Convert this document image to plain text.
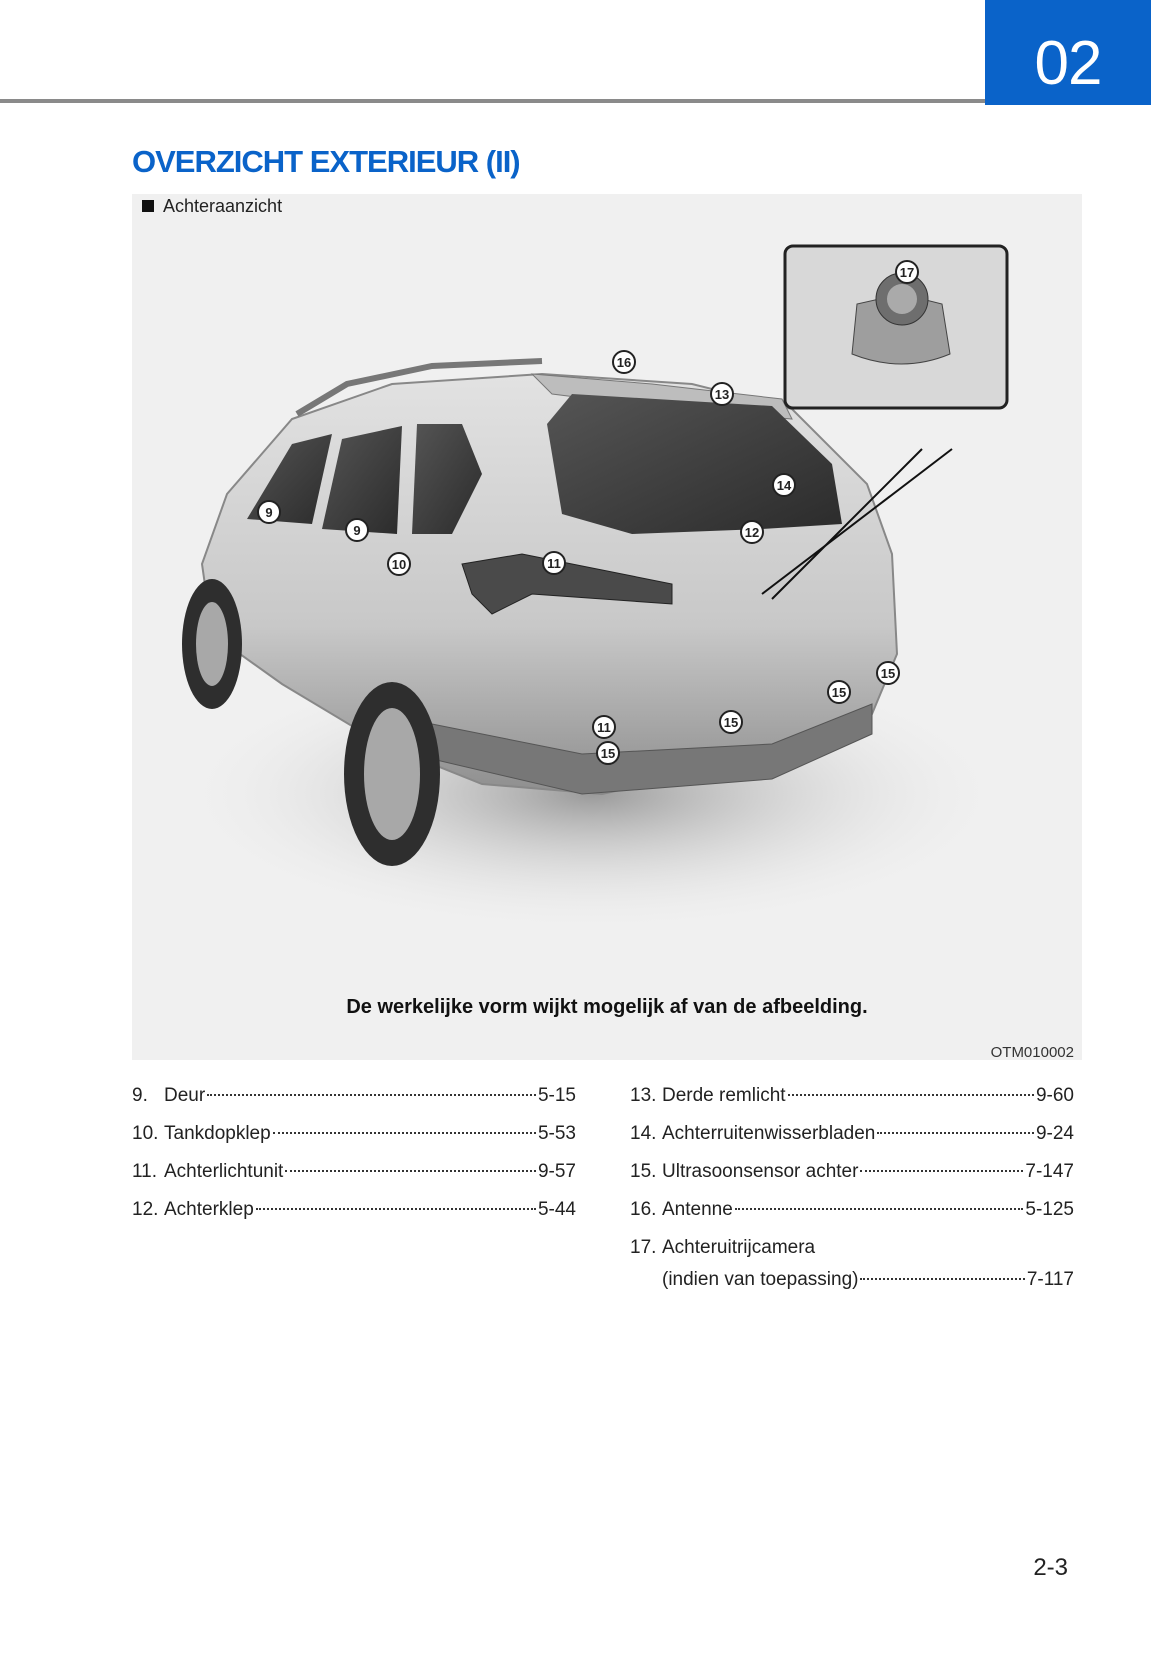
02
OVERZICHT EXTERIEUR (II)
Achteraanzicht
9
9
10	11
11
12
13
14
15
15
15
15
16
17
De werkelijke vorm wijkt mogelijk af van de afbeelding.
OTM010002
9. Deur	5-15
10. Tankdopklep	5-53
11. Achterlichtunit	9-57
12. Achterklep	5-44
13. Derde remlicht	9-60
14. Achterruitenwisserbladen	9-24
15. Ultrasoonsensor achter	7-147
16. Antenne	5-125
17. Achteruitrijcamera
(indien van toepassing)	7-117
2-3
